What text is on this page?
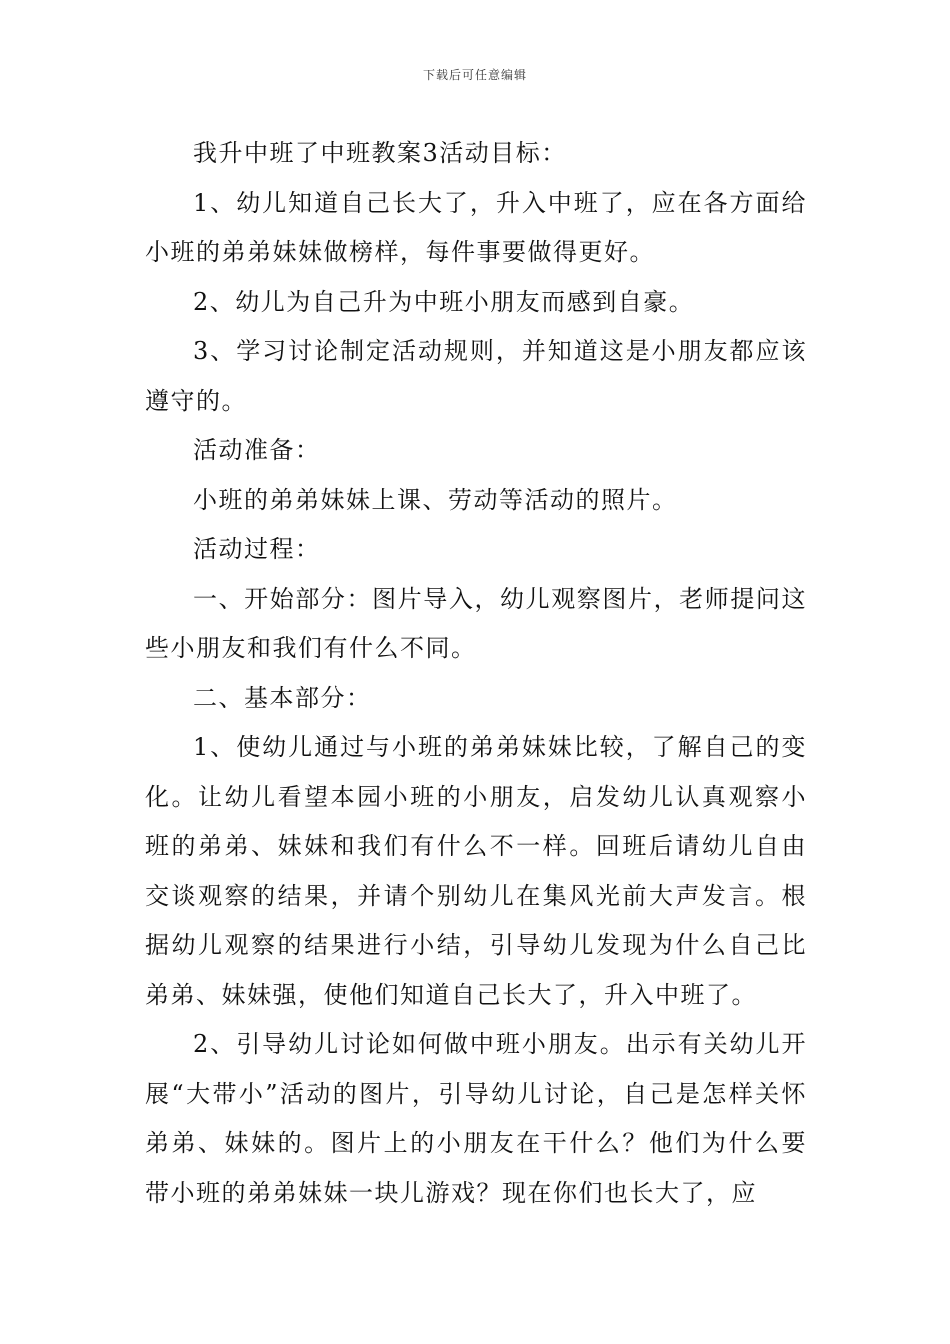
下载后可任意编辑

我升中班了中班教案3活动目标：

1、幼儿知道自己长大了，升入中班了，应在各方面给小班的弟弟妹妹做榜样，每件事要做得更好。

2、幼儿为自己升为中班小朋友而感到自豪。

3、学习讨论制定活动规则，并知道这是小朋友都应该遵守的。

活动准备：

小班的弟弟妹妹上课、劳动等活动的照片。

活动过程：

一、开始部分：图片导入，幼儿观察图片，老师提问这些小朋友和我们有什么不同。

二、基本部分：

1、使幼儿通过与小班的弟弟妹妹比较，了解自己的变化。让幼儿看望本园小班的小朋友，启发幼儿认真观察小班的弟弟、妹妹和我们有什么不一样。回班后请幼儿自由交谈观察的结果，并请个别幼儿在集风光前大声发言。根据幼儿观察的结果进行小结，引导幼儿发现为什么自己比弟弟、妹妹强，使他们知道自己长大了，升入中班了。

2、引导幼儿讨论如何做中班小朋友。出示有关幼儿开展“大带小”活动的图片，引导幼儿讨论，自己是怎样关怀弟弟、妹妹的。图片上的小朋友在干什么？他们为什么要带小班的弟弟妹妹一块儿游戏？现在你们也长大了，应
